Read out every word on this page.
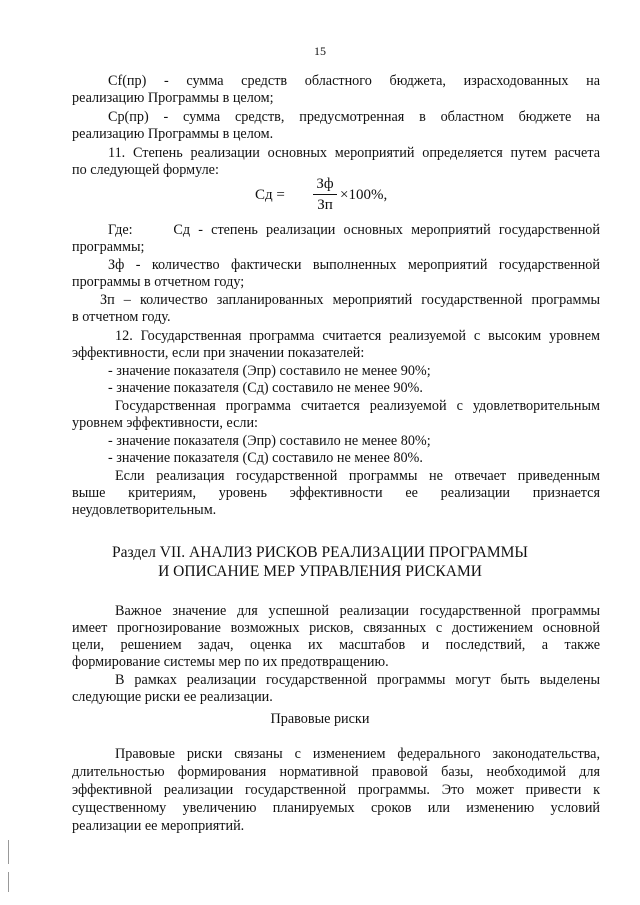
15
Cf(пр) - сумма средств областного бюджета, израсходованных на
реализацию Программы в целом;
Ср(пр) - сумма средств, предусмотренная в областном бюджете на
реализацию Программы в целом.
11. Степень реализации основных мероприятий определяется путем расчета
по следующей формуле:
Сд =
Зф
Зп
×100%,
Где:     Сд - степень реализации основных мероприятий государственной
программы;
Зф - количество фактически выполненных мероприятий государственной
программы в отчетном году;
Зп – количество запланированных мероприятий государственной программы
в отчетном году.
12. Государственная программа считается реализуемой с высоким уровнем
эффективности, если при значении показателей:
- значение показателя (Эпр) составило не менее 90%;
- значение показателя (Сд) составило не менее 90%.
Государственная программа считается реализуемой с удовлетворительным
уровнем эффективности, если:
- значение показателя (Эпр) составило не менее 80%;
- значение показателя (Сд) составило не менее 80%.
Если реализация государственной программы не отвечает приведенным
выше критериям, уровень эффективности ее реализации признается
неудовлетворительным.
Раздел VII. АНАЛИЗ РИСКОВ РЕАЛИЗАЦИИ ПРОГРАММЫ
И ОПИСАНИЕ МЕР УПРАВЛЕНИЯ РИСКАМИ
Важное значение для успешной реализации государственной программы
имеет прогнозирование возможных рисков, связанных с достижением основной
цели, решением задач, оценка их масштабов и последствий, а также
формирование системы мер по их предотвращению.
В рамках реализации государственной программы могут быть выделены
следующие риски ее реализации.
Правовые риски
Правовые риски связаны с изменением федерального законодательства,
длительностью формирования нормативной правовой базы, необходимой для
эффективной реализации государственной программы. Это может привести к
существенному увеличению планируемых сроков или изменению условий
реализации ее мероприятий.
